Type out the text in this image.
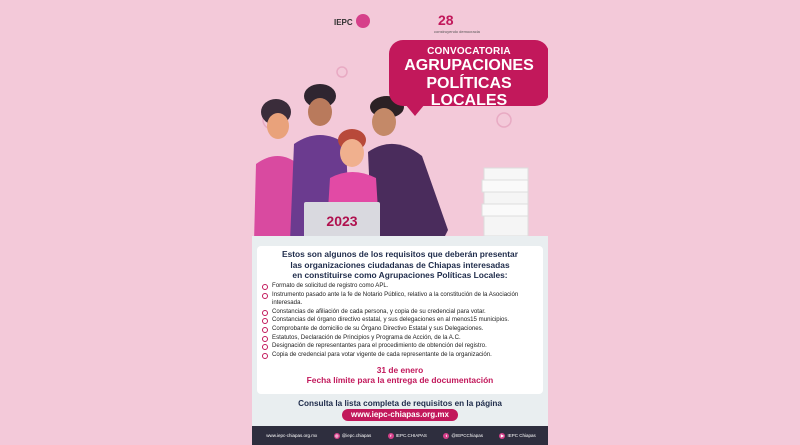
IEPC	28
construyendo democracia
2023
CONVOCATORIA
AGRUPACIONES
POLÍTICAS LOCALES
Estos son algunos de los requisitos que deberán presentar
las organizaciones ciudadanas de Chiapas interesadas
en constituirse como Agrupaciones Políticas Locales:
Formato de solicitud de registro como APL.
Instrumento pasado ante la fe de Notario Público, relativo a la constitución de la Asociación interesada.
Constancias de afiliación de cada persona, y copia de su credencial para votar.
Constancias del órgano directivo estatal, y sus delegaciones en al menos15 municipios.
Comprobante de domicilio de su Órgano Directivo Estatal y sus Delegaciones.
Estatutos, Declaración de Principios y Programa de Acción, de la A.C.
Designación de representantes para el procedimiento de obtención del registro.
Copia de credencial para votar vigente de cada representante de la organización.
31 de enero
Fecha límite para la entrega de documentación
Consulta la lista completa de requisitos en la página
www.iepc-chiapas.org.mx
www.iepc-chiapas.org.mx	◎ @iepc.chiapas	f IEPC.CHIAPAS	t @IEPCChiapas	▶ IEPC Chiapas
